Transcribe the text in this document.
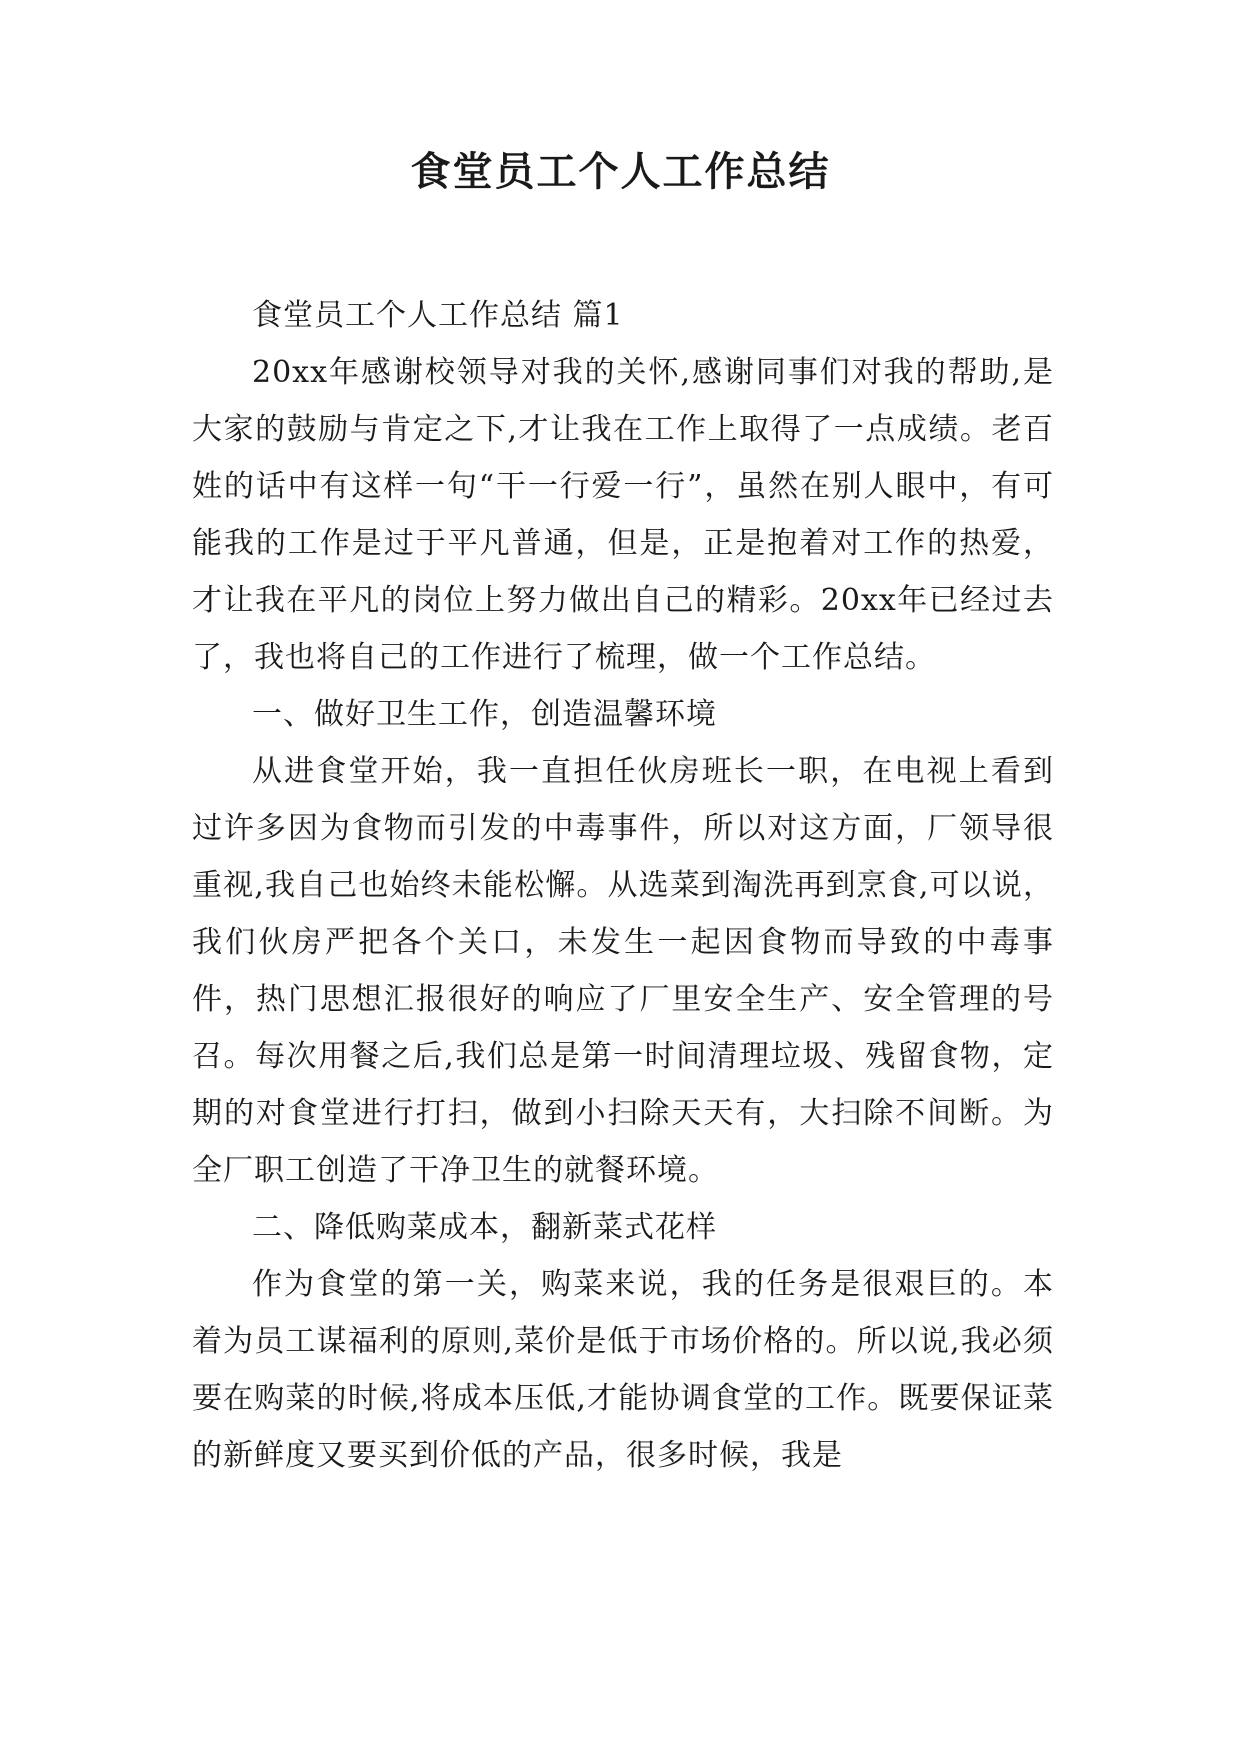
食堂员工个人工作总结

食堂员工个人工作总结 篇1

20xx年感谢校领导对我的关怀,感谢同事们对我的帮助,是大家的鼓励与肯定之下,才让我在工作上取得了一点成绩。老百姓的话中有这样一句“干一行爱一行”，虽然在别人眼中，有可能我的工作是过于平凡普通，但是，正是抱着对工作的热爱，才让我在平凡的岗位上努力做出自己的精彩。20xx年已经过去了，我也将自己的工作进行了梳理，做一个工作总结。

一、做好卫生工作，创造温馨环境

从进食堂开始，我一直担任伙房班长一职，在电视上看到过许多因为食物而引发的中毒事件，所以对这方面，厂领导很重视,我自己也始终未能松懈。从选菜到淘洗再到烹食,可以说，我们伙房严把各个关口，未发生一起因食物而导致的中毒事件，热门思想汇报很好的响应了厂里安全生产、安全管理的号召。每次用餐之后,我们总是第一时间清理垃圾、残留食物，定期的对食堂进行打扫，做到小扫除天天有，大扫除不间断。为全厂职工创造了干净卫生的就餐环境。

二、降低购菜成本，翻新菜式花样

作为食堂的第一关，购菜来说，我的任务是很艰巨的。本着为员工谋福利的原则,菜价是低于市场价格的。所以说,我必须要在购菜的时候,将成本压低,才能协调食堂的工作。既要保证菜的新鲜度又要买到价低的产品，很多时候，我是
